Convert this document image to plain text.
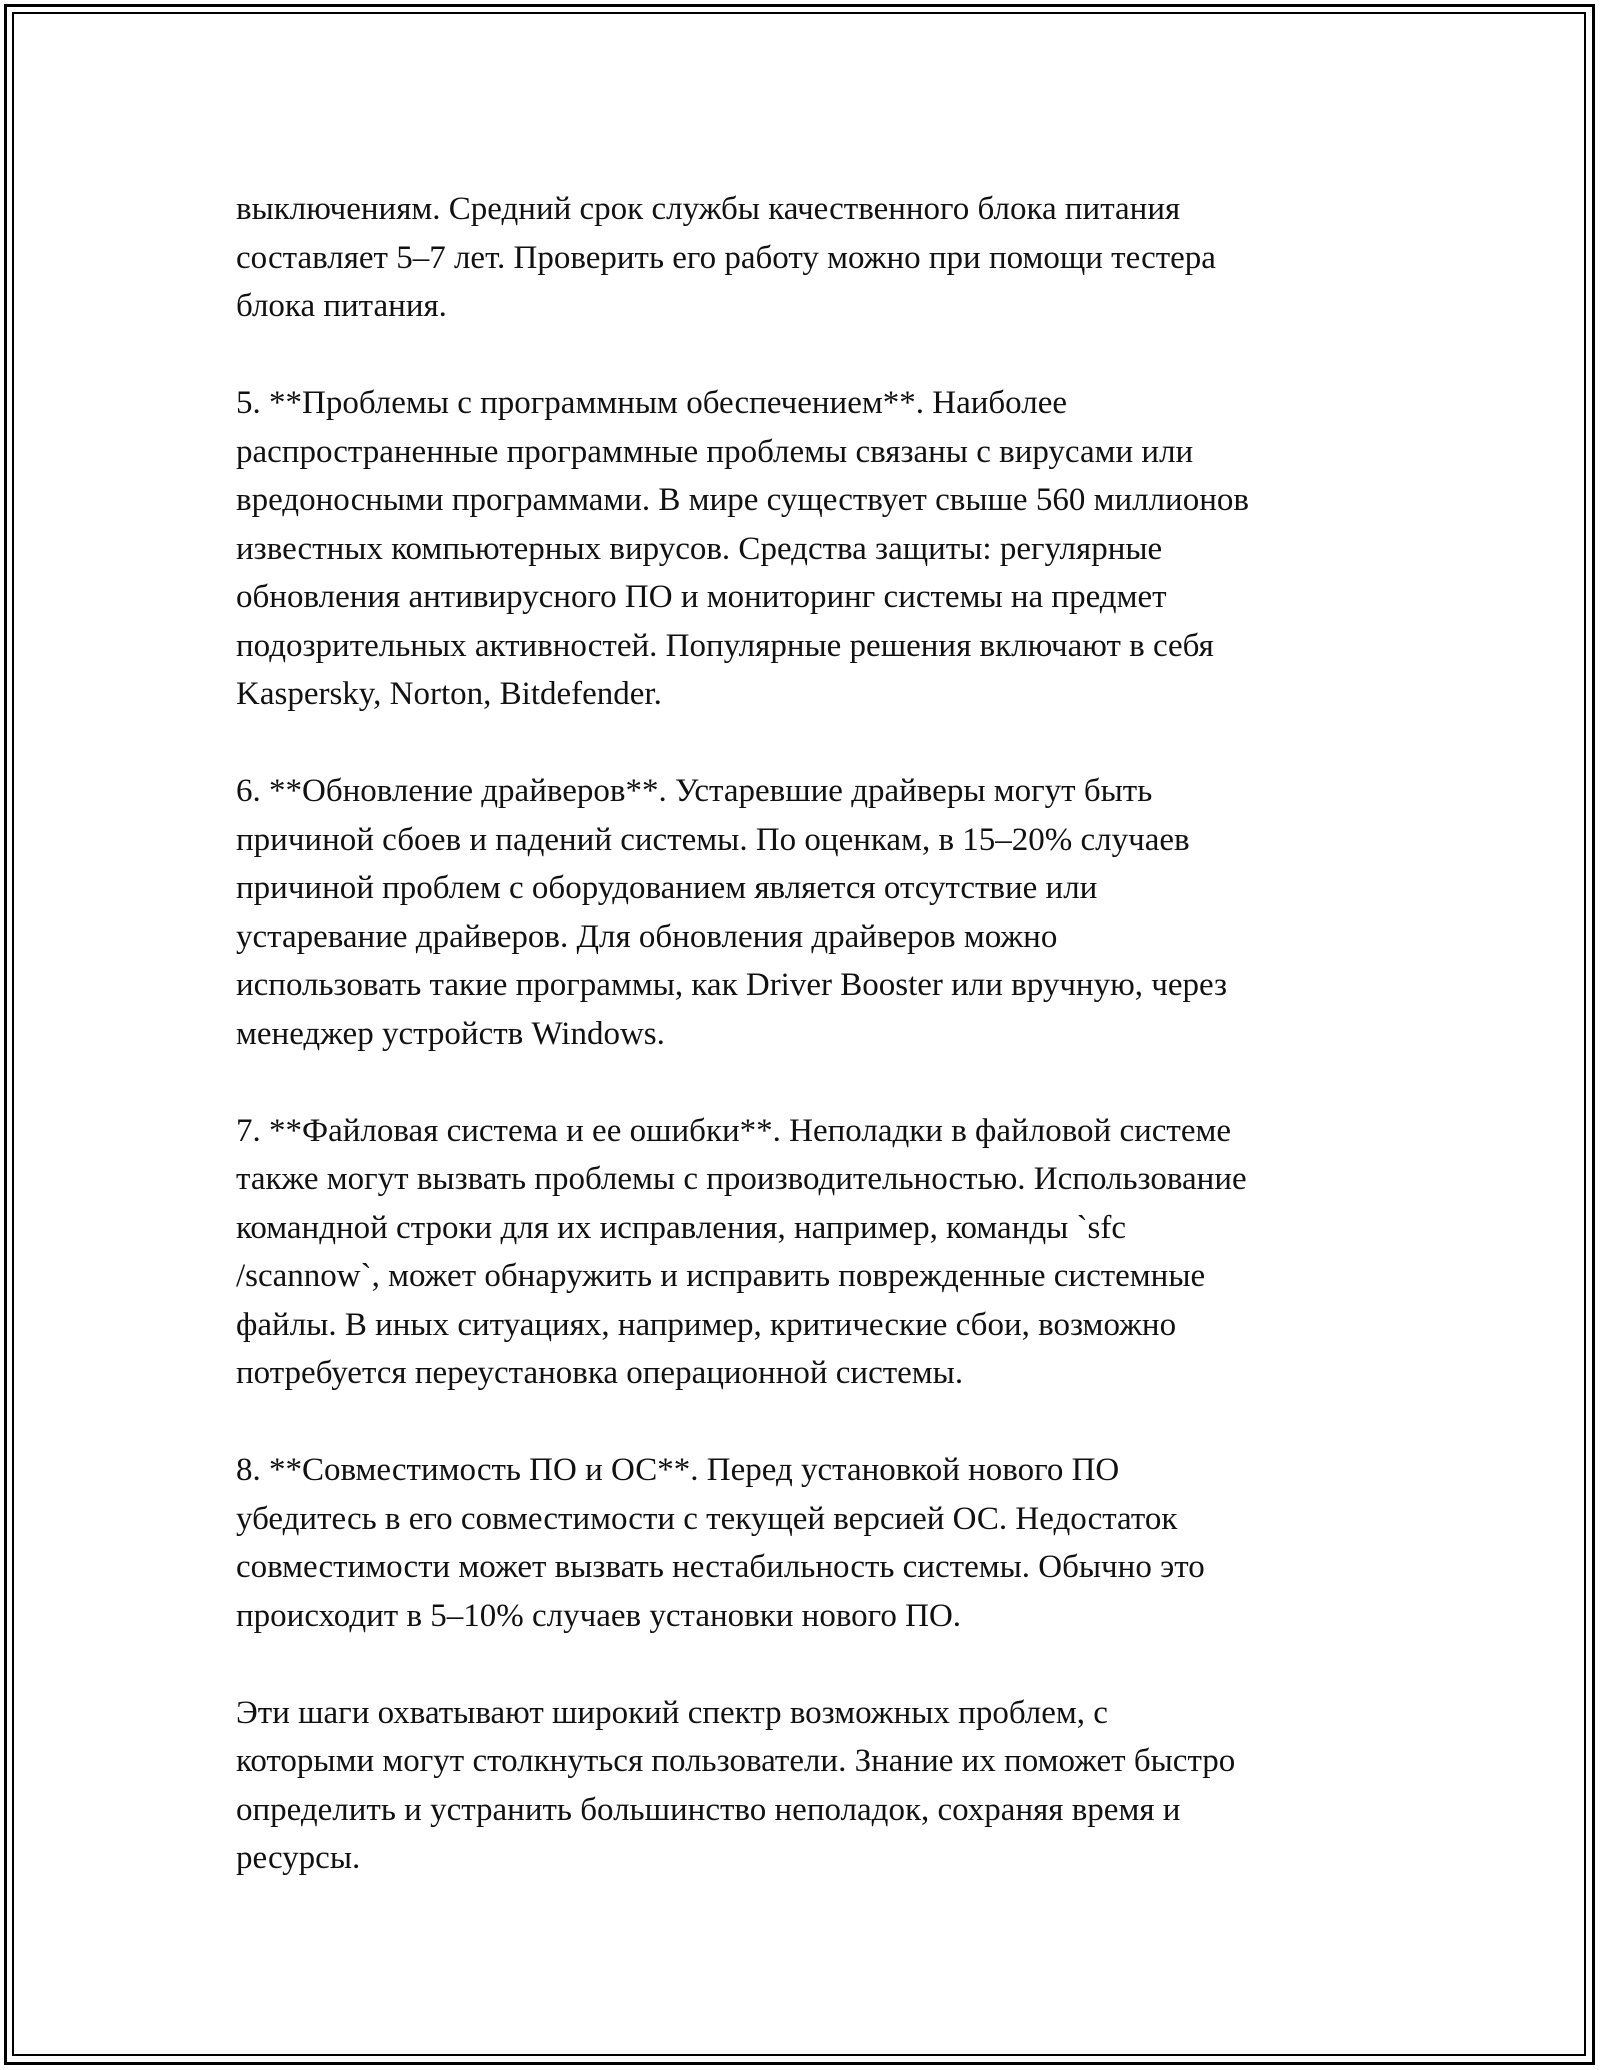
выключениям. Средний срок службы качественного блока питания
составляет 5–7 лет. Проверить его работу можно при помощи тестера
блока питания.

5. **Проблемы с программным обеспечением**. Наиболее
распространенные программные проблемы связаны с вирусами или
вредоносными программами. В мире существует свыше 560 миллионов
известных компьютерных вирусов. Средства защиты: регулярные
обновления антивирусного ПО и мониторинг системы на предмет
подозрительных активностей. Популярные решения включают в себя
Kaspersky, Norton, Bitdefender.

6. **Обновление драйверов**. Устаревшие драйверы могут быть
причиной сбоев и падений системы. По оценкам, в 15–20% случаев
причиной проблем с оборудованием является отсутствие или
устаревание драйверов. Для обновления драйверов можно
использовать такие программы, как Driver Booster или вручную, через
менеджер устройств Windows.

7. **Файловая система и ее ошибки**. Неполадки в файловой системе
также могут вызвать проблемы с производительностью. Использование
командной строки для их исправления, например, команды `sfc
/scannow`, может обнаружить и исправить поврежденные системные
файлы. В иных ситуациях, например, критические сбои, возможно
потребуется переустановка операционной системы.

8. **Совместимость ПО и ОС**. Перед установкой нового ПО
убедитесь в его совместимости с текущей версией ОС. Недостаток
совместимости может вызвать нестабильность системы. Обычно это
происходит в 5–10% случаев установки нового ПО.

Эти шаги охватывают широкий спектр возможных проблем, с
которыми могут столкнуться пользователи. Знание их поможет быстро
определить и устранить большинство неполадок, сохраняя время и
ресурсы.
